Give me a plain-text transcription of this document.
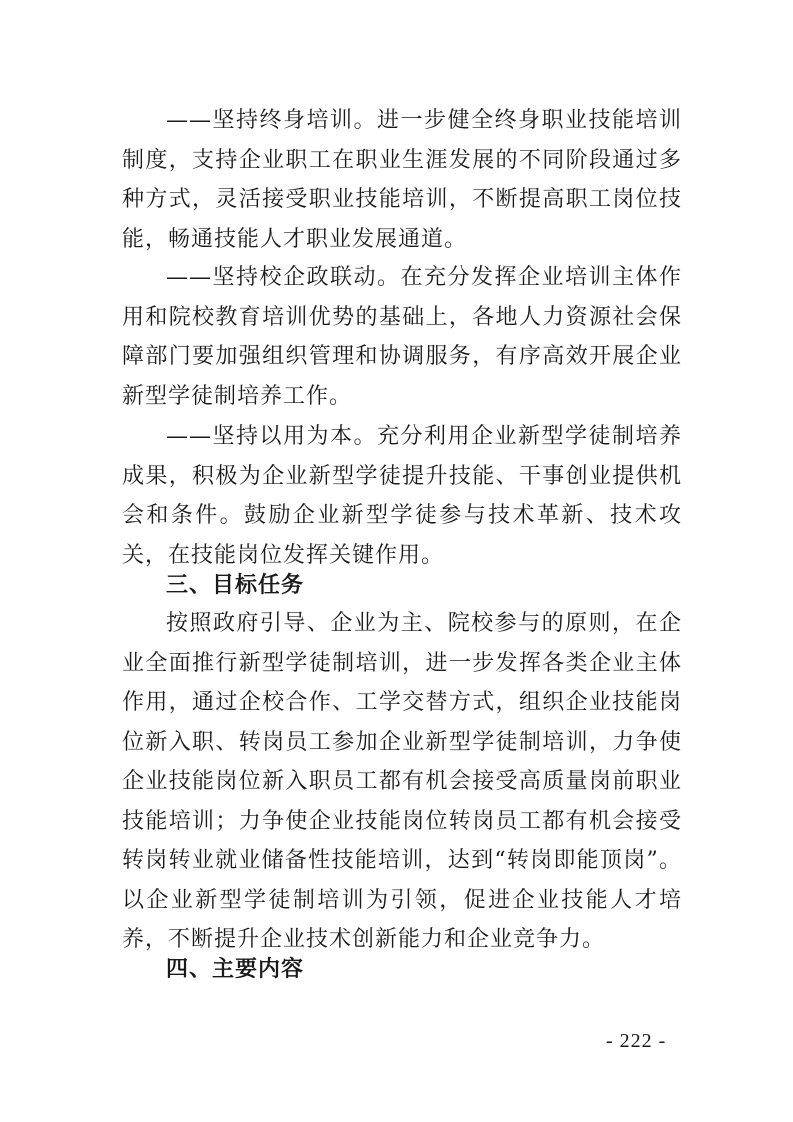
——坚持终身培训。进一步健全终身职业技能培训制度，支持企业职工在职业生涯发展的不同阶段通过多种方式，灵活接受职业技能培训，不断提高职工岗位技能，畅通技能人才职业发展通道。

——坚持校企政联动。在充分发挥企业培训主体作用和院校教育培训优势的基础上，各地人力资源社会保障部门要加强组织管理和协调服务，有序高效开展企业新型学徒制培养工作。

——坚持以用为本。充分利用企业新型学徒制培养成果，积极为企业新型学徒提升技能、干事创业提供机会和条件。鼓励企业新型学徒参与技术革新、技术攻关，在技能岗位发挥关键作用。

三、目标任务

按照政府引导、企业为主、院校参与的原则，在企业全面推行新型学徒制培训，进一步发挥各类企业主体作用，通过企校合作、工学交替方式，组织企业技能岗位新入职、转岗员工参加企业新型学徒制培训，力争使企业技能岗位新入职员工都有机会接受高质量岗前职业技能培训；力争使企业技能岗位转岗员工都有机会接受转岗转业就业储备性技能培训，达到“转岗即能顶岗”。以企业新型学徒制培训为引领，促进企业技能人才培养，不断提升企业技术创新能力和企业竞争力。

四、主要内容
- 222 -
